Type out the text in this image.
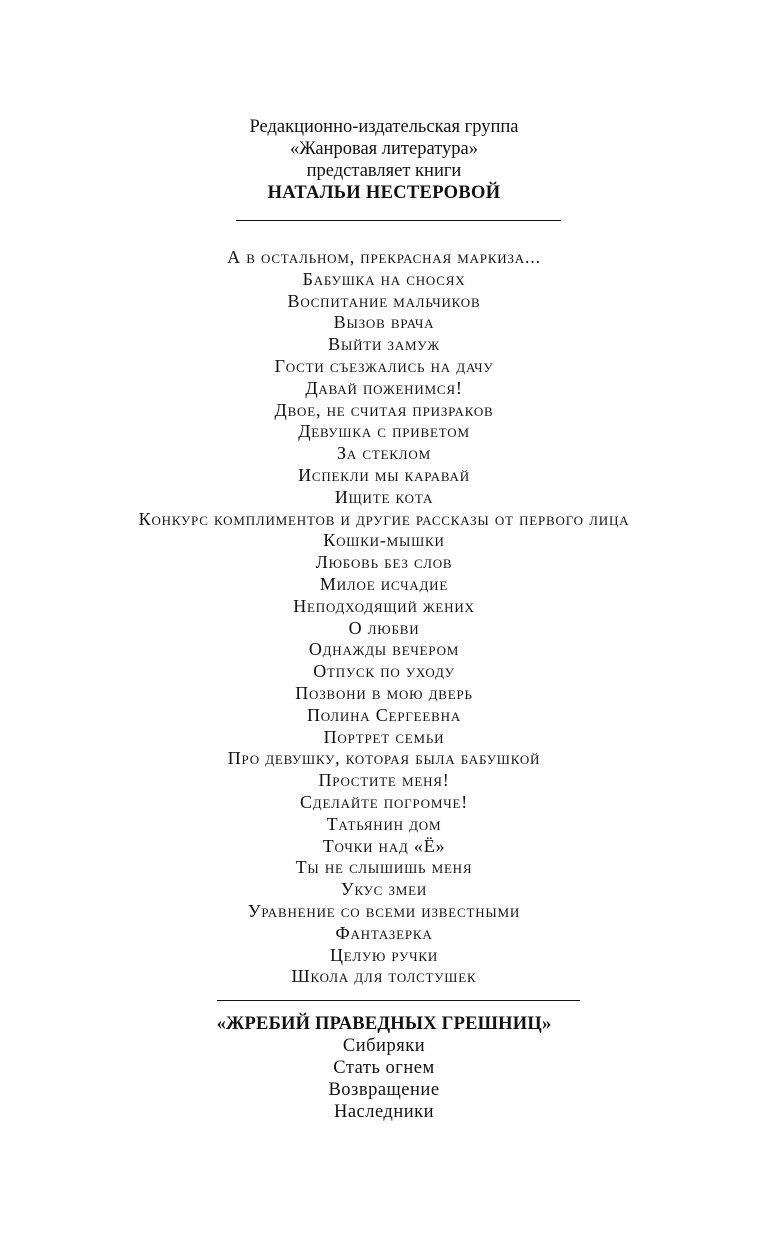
Редакционно-издательская группа
«Жанровая литература»
представляет книги
НАТАЛЬИ НЕСТЕРОВОЙ
А в остальном, прекрасная маркиза...
Бабушка на сносях
Воспитание мальчиков
Вызов врача
Выйти замуж
Гости съезжались на дачу
Давай поженимся!
Двое, не считая призраков
Девушка с приветом
За стеклом
Испекли мы каравай
Ищите кота
Конкурс комплиментов и другие рассказы от первого лица
Кошки-мышки
Любовь без слов
Милое исчадие
Неподходящий жених
О любви
Однажды вечером
Отпуск по уходу
Позвони в мою дверь
Полина Сергеевна
Портрет семьи
Про девушку, которая была бабушкой
Простите меня!
Сделайте погромче!
Татьянин дом
Точки над «Ё»
Ты не слышишь меня
Укус змеи
Уравнение со всеми известными
Фантазерка
Целую ручки
Школа для толстушек
«ЖРЕБИЙ ПРАВЕДНЫХ ГРЕШНИЦ»
Сибиряки
Стать огнем
Возвращение
Наследники
